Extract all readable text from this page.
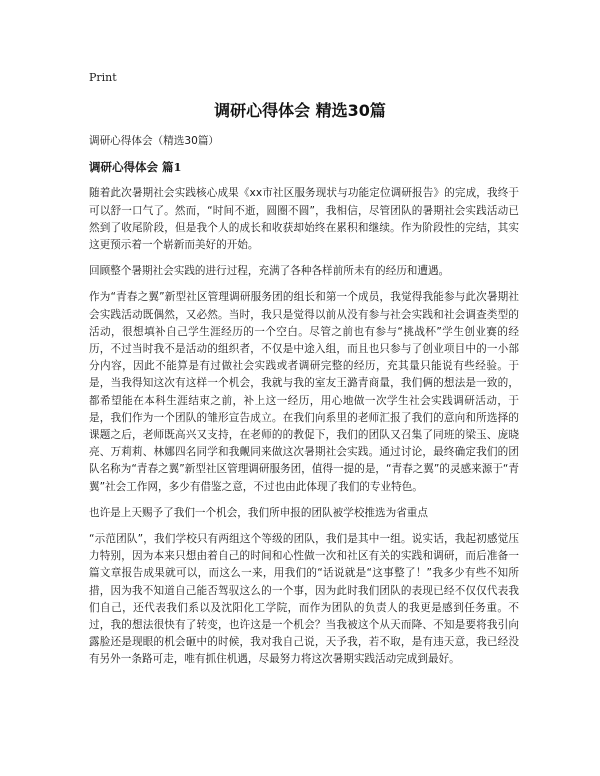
Print
调研心得体会 精选30篇
调研心得体会（精选30篇）
调研心得体会 篇1

随着此次暑期社会实践核心成果《xx市社区服务现状与功能定位调研报告》的完成，我终于可以舒一口气了。然而，“时间不逝，圆圈不圆”，我相信，尽管团队的暑期社会实践活动已然到了收尾阶段，但是我个人的成长和收获却始终在累积和继续。作为阶段性的完结，其实这更预示着一个崭新而美好的开始。

回顾整个暑期社会实践的进行过程，充满了各种各样前所未有的经历和遭遇。

作为“青春之翼”新型社区管理调研服务团的组长和第一个成员，我觉得我能参与此次暑期社会实践活动既偶然，又必然。当时，我只是觉得以前从没有参与社会实践和社会调查类型的活动，很想填补自己学生涯经历的一个空白。尽管之前也有参与“挑战杯”学生创业赛的经历，不过当时我不是活动的组织者，不仅是中途入组，而且也只参与了创业项目中的一小部分内容，因此不能算是有过做社会实践或者调研完整的经历，充其量只能说有些经验。于是，当我得知这次有这样一个机会，我就与我的室友王潞青商量，我们俩的想法是一致的，都希望能在本科生涯结束之前，补上这一经历，用心地做一次学生社会实践调研活动，于是，我们作为一个团队的雏形宣告成立。在我们向系里的老师汇报了我们的意向和所选择的课题之后，老师既高兴又支持，在老师的的教促下，我们的团队又召集了同班的梁玉、庞晓亮、万莉莉、林娜四名同学和我觍同来做这次暑期社会实践。通过讨论，最终确定我们的团队名称为“青春之翼”新型社区管理调研服务团，值得一提的是，“青春之翼”的灵感来源于“青翼”社会工作网，多少有借鉴之意，不过也由此体现了我们的专业特色。

也许是上天赐予了我们一个机会，我们所申报的团队被学校推选为省重点

“示范团队”，我们学校只有两组这个等级的团队，我们是其中一组。说实话，我起初感觉压力特别，因为本来只想由着自己的时间和心性做一次和社区有关的实践和调研，而后准备一篇文章报告成果就可以，而这么一来，用我们的“话说就是“这事整了！”我多少有些不知所措，因为我不知道自己能否驾驭这么的一个事，因为此时我们团队的表现已经不仅仅代表我们自己，还代表我们系以及沈阳化工学院，而作为团队的负责人的我更是感到任务重。不过，我的想法很快有了转变，也许这是一个机会？当我被这个从天而降、不知是要将我引向露脸还是现眼的机会砸中的时候，我对我自己说，天予我，若不取，是有违天意，我已经没有另外一条路可走，唯有抓住机遇，尽最努力将这次暑期实践活动完成到最好。
